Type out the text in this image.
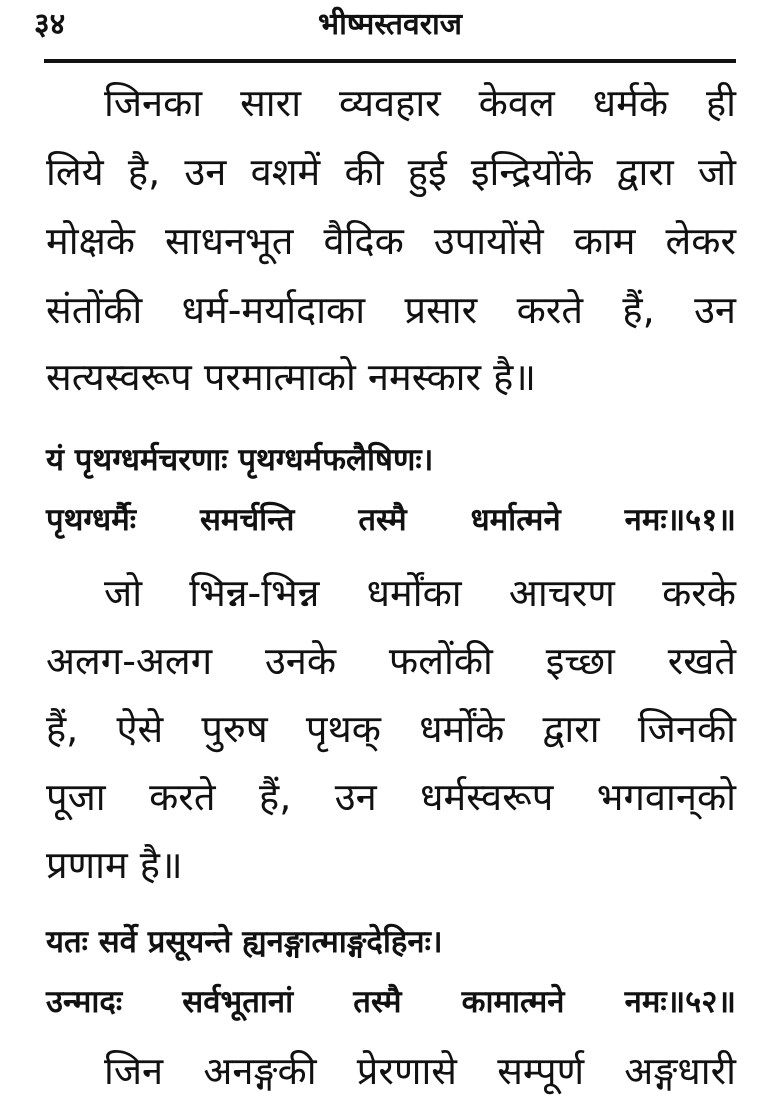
३४	भीष्मस्तवराज
जिनका सारा व्यवहार केवल धर्मके ही
लिये है, उन वशमें की हुई इन्द्रियोंके द्वारा जो
मोक्षके साधनभूत वैदिक उपायोंसे काम लेकर
संतोंकी धर्म-मर्यादाका प्रसार करते हैं, उन
सत्यस्वरूप परमात्माको नमस्कार है॥
यं पृथग्धर्मचरणाः पृथग्धर्मफलैषिणः।
पृथग्धर्मैः समर्चन्ति तस्मै धर्मात्मने नमः॥५१॥
जो भिन्न-भिन्न धर्मोंका आचरण करके
अलग-अलग उनके फलोंकी इच्छा रखते
हैं, ऐसे पुरुष पृथक् धर्मोंके द्वारा जिनकी
पूजा करते हैं, उन धर्मस्वरूप भगवान्‌को
प्रणाम है॥
यतः सर्वे प्रसूयन्ते ह्यनङ्गात्माङ्गदेहिनः।
उन्मादः सर्वभूतानां तस्मै कामात्मने नमः॥५२॥
जिन अनङ्गकी प्रेरणासे सम्पूर्ण अङ्गधारी
